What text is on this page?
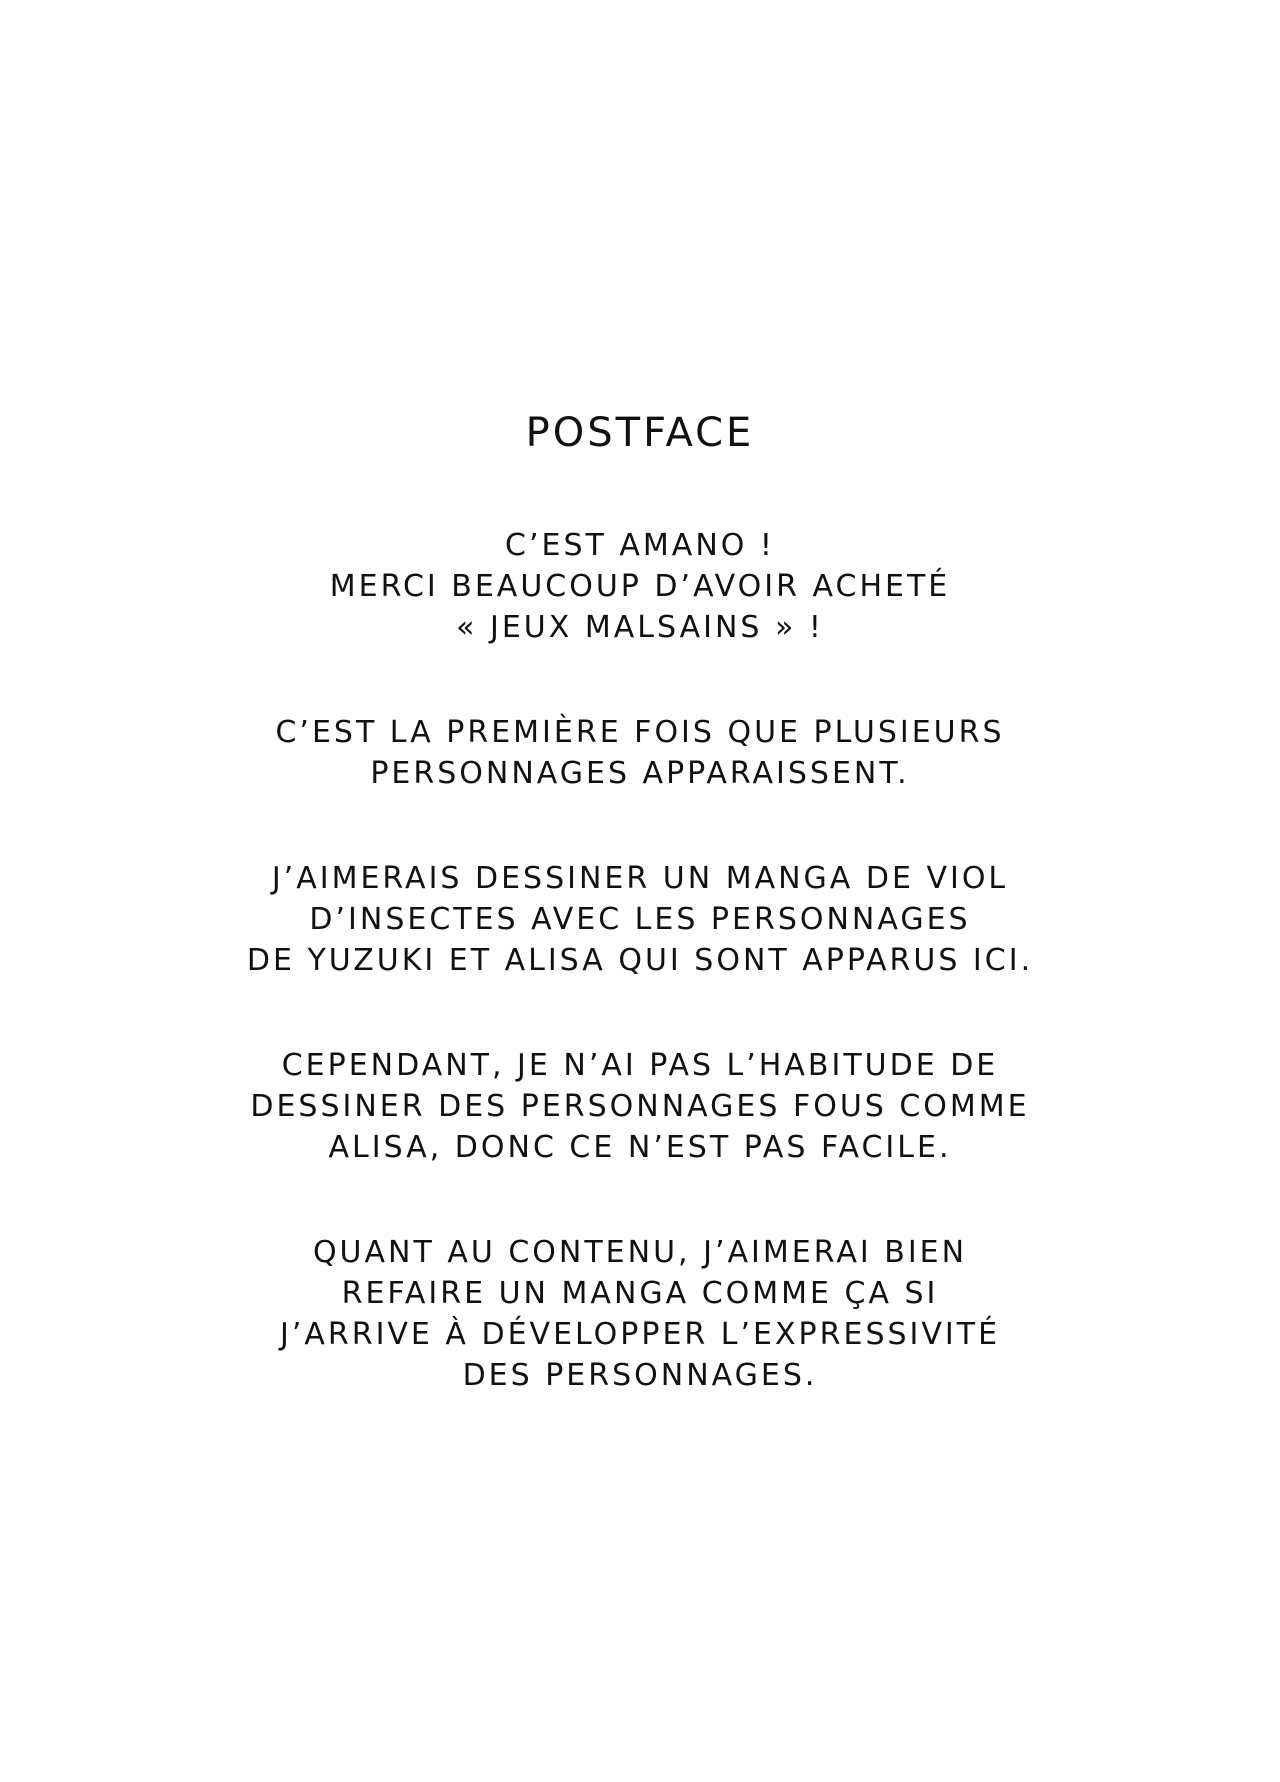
POSTFACE
C’EST AMANO !
MERCI BEAUCOUP D’AVOIR ACHETÉ
« JEUX MALSAINS » !
C’EST LA PREMIÈRE FOIS QUE PLUSIEURS
PERSONNAGES APPARAISSENT.
J’AIMERAIS DESSINER UN MANGA DE VIOL
D’INSECTES AVEC LES PERSONNAGES
DE YUZUKI ET ALISA QUI SONT APPARUS ICI.
CEPENDANT, JE N’AI PAS L’HABITUDE DE
DESSINER DES PERSONNAGES FOUS COMME
ALISA, DONC CE N’EST PAS FACILE.
QUANT AU CONTENU, J’AIMERAI BIEN
REFAIRE UN MANGA COMME ÇA SI
J’ARRIVE À DÉVELOPPER L’EXPRESSIVITÉ
DES PERSONNAGES.
